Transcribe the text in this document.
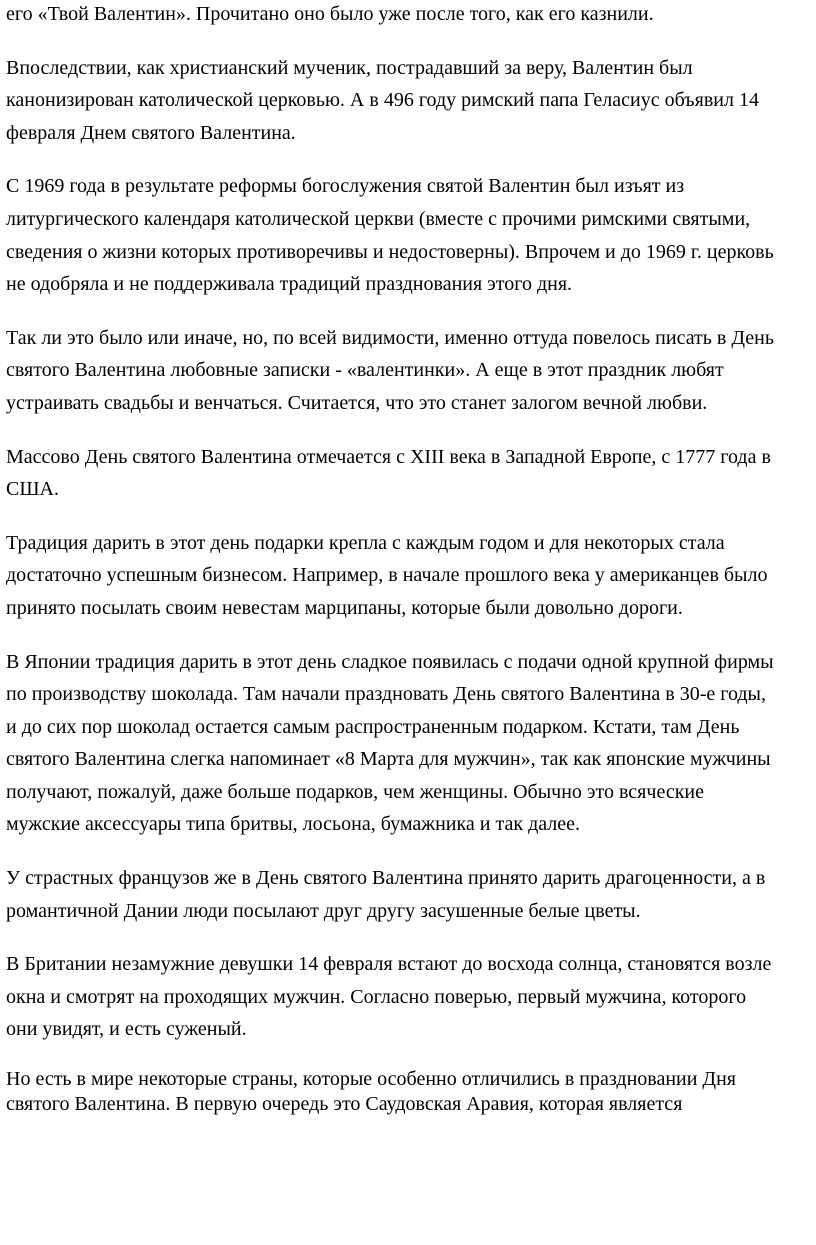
его «Твой Валентин». Прочитано оно было уже после того, как его казнили.

Впоследствии, как христианский мученик, пострадавший за веру, Валентин был
канонизирован католической церковью. А в 496 году римский папа Геласиус объявил 14
февраля Днем святого Валентина.

С 1969 года в результате реформы богослужения святой Валентин был изъят из
литургического календаря католической церкви (вместе с прочими римскими святыми,
сведения о жизни которых противоречивы и недостоверны). Впрочем и до 1969 г. церковь
не одобряла и не поддерживала традиций празднования этого дня.

Так ли это было или иначе, но, по всей видимости, именно оттуда повелось писать в День
святого Валентина любовные записки - «валентинки». А еще в этот праздник любят
устраивать свадьбы и венчаться. Считается, что это станет залогом вечной любви.

Массово День святого Валентина отмечается с XIII века в Западной Европе, с 1777 года в
США.

Традиция дарить в этот день подарки крепла с каждым годом и для некоторых стала
достаточно успешным бизнесом. Например, в начале прошлого века у американцев было
принято посылать своим невестам марципаны, которые были довольно дороги.

В Японии традиция дарить в этот день сладкое появилась с подачи одной крупной фирмы
по производству шоколада. Там начали праздновать День святого Валентина в 30-е годы,
и до сих пор шоколад остается самым распространенным подарком. Кстати, там День
святого Валентина слегка напоминает «8 Марта для мужчин», так как японские мужчины
получают, пожалуй, даже больше подарков, чем женщины. Обычно это всяческие
мужские аксессуары типа бритвы, лосьона, бумажника и так далее.

У страстных французов же в День святого Валентина принято дарить драгоценности, а в
романтичной Дании люди посылают друг другу засушенные белые цветы.

В Британии незамужние девушки 14 февраля встают до восхода солнца, становятся возле
окна и смотрят на проходящих мужчин. Согласно поверью, первый мужчина, которого
они увидят, и есть суженый.

Но есть в мире некоторые страны, которые особенно отличились в праздновании Дня
святого Валентина. В первую очередь это Саудовская Аравия, которая является
